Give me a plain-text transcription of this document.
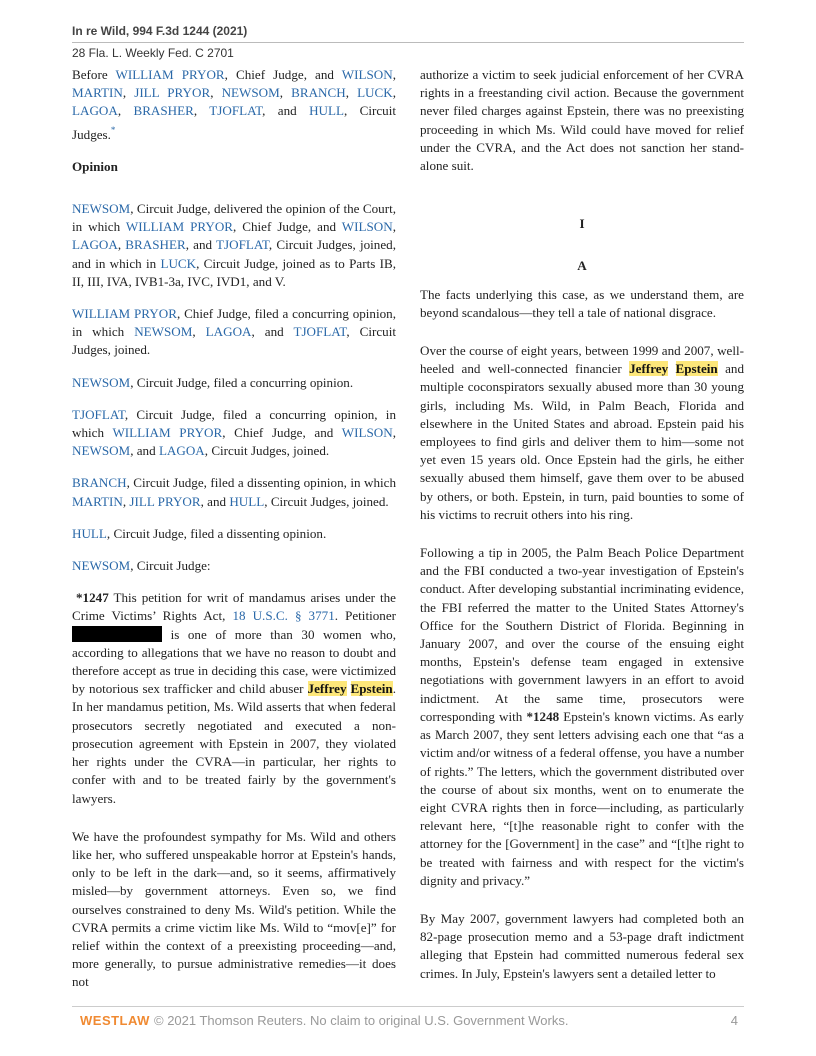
In re Wild, 994 F.3d 1244 (2021)
28 Fla. L. Weekly Fed. C 2701

Before WILLIAM PRYOR, Chief Judge, and WILSON, MARTIN, JILL PRYOR, NEWSOM, BRANCH, LUCK, LAGOA, BRASHER, TJOFLAT, and HULL, Circuit Judges.*

Opinion

NEWSOM, Circuit Judge, delivered the opinion of the Court, in which WILLIAM PRYOR, Chief Judge, and WILSON, LAGOA, BRASHER, and TJOFLAT, Circuit Judges, joined, and in which in LUCK, Circuit Judge, joined as to Parts IB, II, III, IVA, IVB1-3a, IVC, IVD1, and V.

WILLIAM PRYOR, Chief Judge, filed a concurring opinion, in which NEWSOM, LAGOA, and TJOFLAT, Circuit Judges, joined.

NEWSOM, Circuit Judge, filed a concurring opinion.

TJOFLAT, Circuit Judge, filed a concurring opinion, in which WILLIAM PRYOR, Chief Judge, and WILSON, NEWSOM, and LAGOA, Circuit Judges, joined.

BRANCH, Circuit Judge, filed a dissenting opinion, in which MARTIN, JILL PRYOR, and HULL, Circuit Judges, joined.

HULL, Circuit Judge, filed a dissenting opinion.

NEWSOM, Circuit Judge:

*1247 This petition for writ of mandamus arises under the Crime Victims’ Rights Act, 18 U.S.C. § 3771. Petitioner  is one of more than 30 women who, according to allegations that we have no reason to doubt and therefore accept as true in deciding this case, were victimized by notorious sex trafficker and child abuser Jeffrey Epstein. In her mandamus petition, Ms. Wild asserts that when federal prosecutors secretly negotiated and executed a non-prosecution agreement with Epstein in 2007, they violated her rights under the CVRA—in particular, her rights to confer with and to be treated fairly by the government's lawyers.

We have the profoundest sympathy for Ms. Wild and others like her, who suffered unspeakable horror at Epstein's hands, only to be left in the dark—and, so it seems, affirmatively misled—by government attorneys. Even so, we find ourselves constrained to deny Ms. Wild's petition. While the CVRA permits a crime victim like Ms. Wild to “mov[e]” for relief within the context of a preexisting proceeding—and, more generally, to pursue administrative remedies—it does not

authorize a victim to seek judicial enforcement of her CVRA rights in a freestanding civil action. Because the government never filed charges against Epstein, there was no preexisting proceeding in which Ms. Wild could have moved for relief under the CVRA, and the Act does not sanction her stand-alone suit.

I
A

The facts underlying this case, as we understand them, are beyond scandalous—they tell a tale of national disgrace.

Over the course of eight years, between 1999 and 2007, well-heeled and well-connected financier Jeffrey Epstein and multiple coconspirators sexually abused more than 30 young girls, including Ms. Wild, in Palm Beach, Florida and elsewhere in the United States and abroad. Epstein paid his employees to find girls and deliver them to him—some not yet even 15 years old. Once Epstein had the girls, he either sexually abused them himself, gave them over to be abused by others, or both. Epstein, in turn, paid bounties to some of his victims to recruit others into his ring.

Following a tip in 2005, the Palm Beach Police Department and the FBI conducted a two-year investigation of Epstein's conduct. After developing substantial incriminating evidence, the FBI referred the matter to the United States Attorney's Office for the Southern District of Florida. Beginning in January 2007, and over the course of the ensuing eight months, Epstein's defense team engaged in extensive negotiations with government lawyers in an effort to avoid indictment. At the same time, prosecutors were corresponding with *1248 Epstein's known victims. As early as March 2007, they sent letters advising each one that “as a victim and/or witness of a federal offense, you have a number of rights.” The letters, which the government distributed over the course of about six months, went on to enumerate the eight CVRA rights then in force—including, as particularly relevant here, “[t]he reasonable right to confer with the attorney for the [Government] in the case” and “[t]he right to be treated with fairness and with respect for the victim's dignity and privacy.”

By May 2007, government lawyers had completed both an 82-page prosecution memo and a 53-page draft indictment alleging that Epstein had committed numerous federal sex crimes. In July, Epstein's lawyers sent a detailed letter to

WESTLAW © 2021 Thomson Reuters. No claim to original U.S. Government Works.	4
